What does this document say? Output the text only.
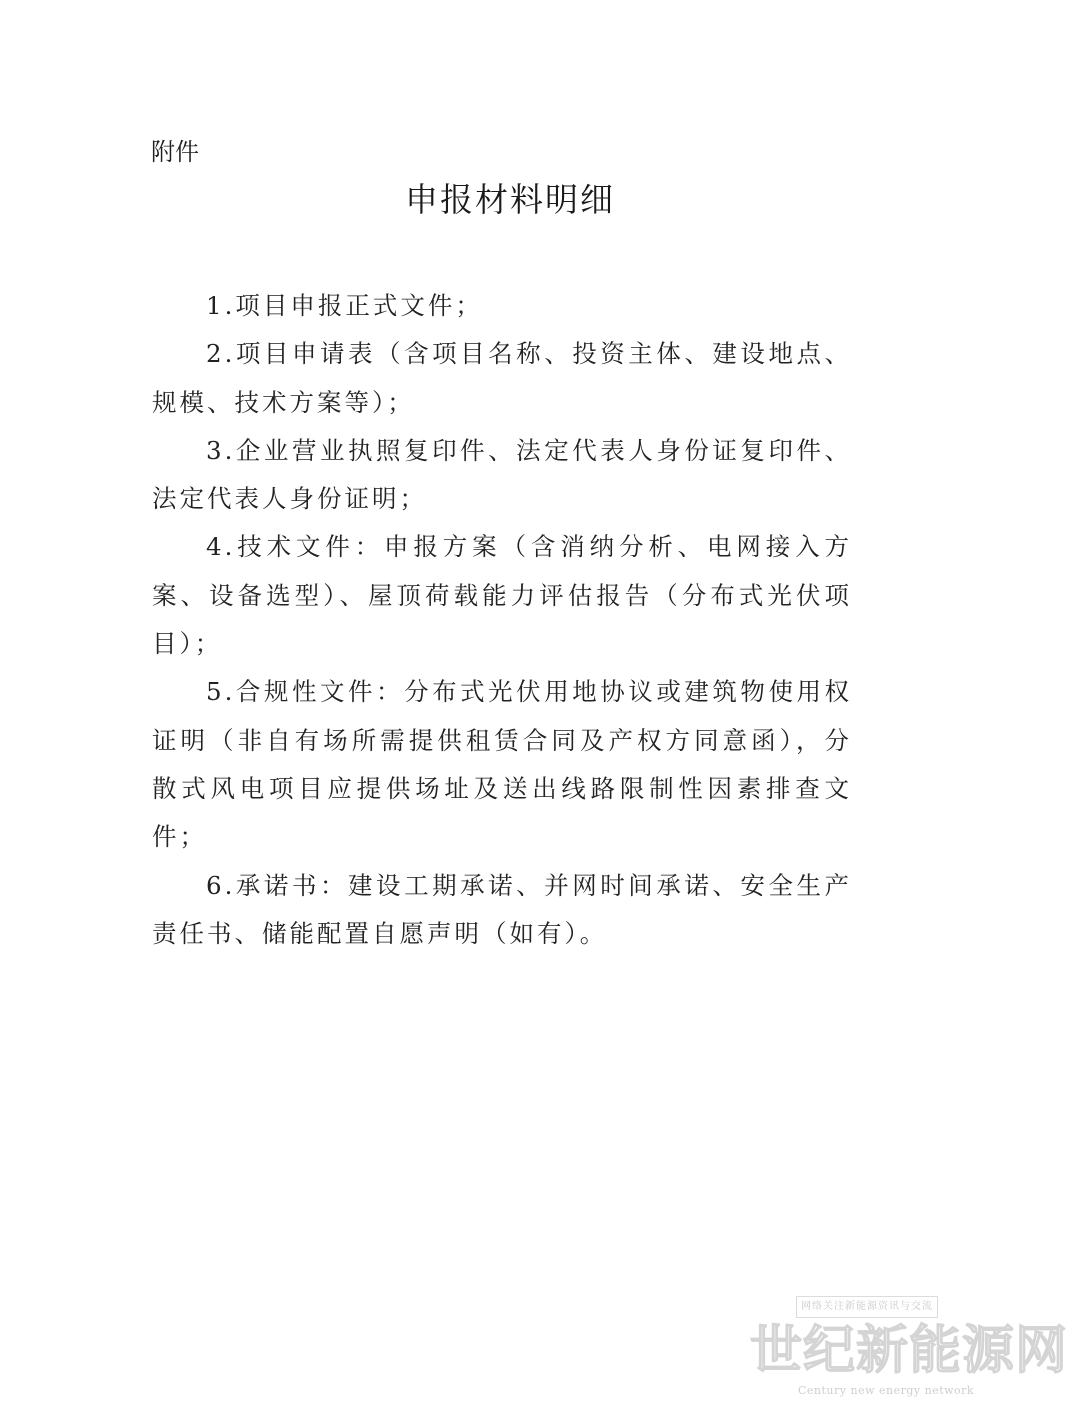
附件
申报材料明细

1.项目申报正式文件；

2.项目申请表（含项目名称、投资主体、建设地点、规模、技术方案等）；

3.企业营业执照复印件、法定代表人身份证复印件、法定代表人身份证明；

4.技术文件：申报方案（含消纳分析、电网接入方案、设备选型）、屋顶荷载能力评估报告（分布式光伏项目）；

5.合规性文件：分布式光伏用地协议或建筑物使用权证明（非自有场所需提供租赁合同及产权方同意函），分散式风电项目应提供场址及送出线路限制性因素排查文件；

6.承诺书：建设工期承诺、并网时间承诺、安全生产责任书、储能配置自愿声明（如有）。

网络关注新能源资讯与交流
世纪新能源网
Century new energy network
